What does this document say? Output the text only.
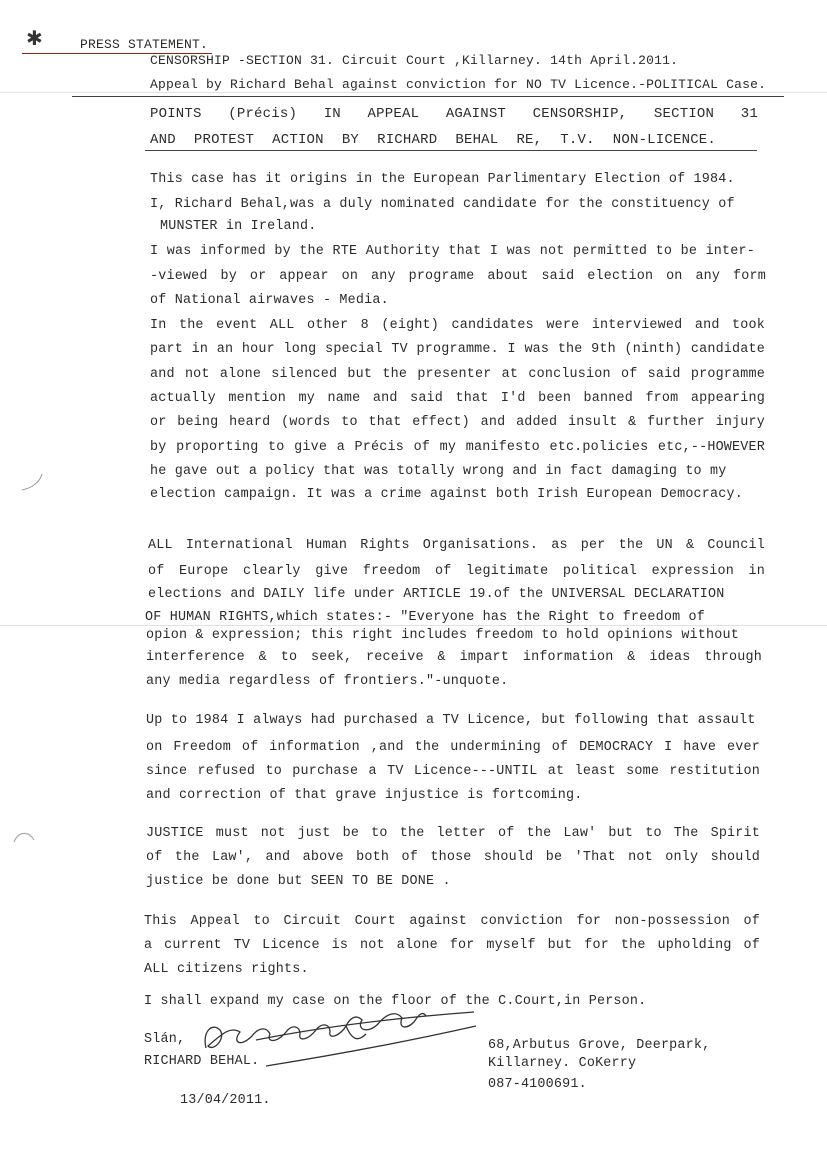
✱	PRESS STATEMENT.
CENSORSHIP -SECTION 31. Circuit Court ,Killarney. 14th April.2011.
Appeal by Richard Behal against conviction for NO TV Licence.-POLITICAL Case.
POINTS (Précis) IN APPEAL AGAINST CENSORSHIP, SECTION 31
AND PROTEST ACTION BY RICHARD BEHAL RE, T.V. NON-LICENCE.
This case has it origins in the European Parlimentary Election of 1984.
I, Richard Behal,was a duly nominated candidate for the constituency of
MUNSTER in Ireland.
I was informed by the RTE Authority that I was not permitted to be inter-
-viewed by or appear on any programe about said election on any form
of National airwaves - Media.
In the event ALL other 8 (eight) candidates were interviewed and took
part in an hour long special TV programme. I was the 9th (ninth) candidate
and not alone silenced but the presenter at conclusion of said programme
actually mention my name and said that I'd been banned from appearing
or being heard (words to that effect) and added insult & further injury
by proporting to give a Précis of my manifesto etc.policies etc,--HOWEVER
he gave out a policy that was totally wrong and in fact damaging to my
election campaign. It was a crime against both Irish European Democracy.
ALL International Human Rights Organisations. as per the UN & Council
of Europe clearly give freedom of legitimate political expression in
elections and DAILY life under ARTICLE 19.of the UNIVERSAL DECLARATION
OF HUMAN RIGHTS,which states:- "Everyone has the Right to freedom of
opion & expression; this right includes freedom to hold opinions without
interference & to seek, receive & impart information & ideas through
any media regardless of frontiers."-unquote.
Up to 1984 I always had purchased a TV Licence, but following that assault
on Freedom of information ,and the undermining of DEMOCRACY I have ever
since refused to purchase a TV Licence---UNTIL at least some restitution
and correction of that grave injustice is fortcoming.
JUSTICE must not just be to the letter of the Law' but to The Spirit
of the Law', and above both of those should be 'That not only should
justice be done but SEEN TO BE DONE .
This Appeal to Circuit Court against conviction for non-possession of
a current TV Licence is not alone for myself but for the upholding of
ALL citizens rights.
I shall expand my case on the floor of the C.Court,in Person.
Slán,
RICHARD BEHAL.
13/04/2011.
68,Arbutus Grove, Deerpark,
Killarney. CoKerry
087-4100691.
